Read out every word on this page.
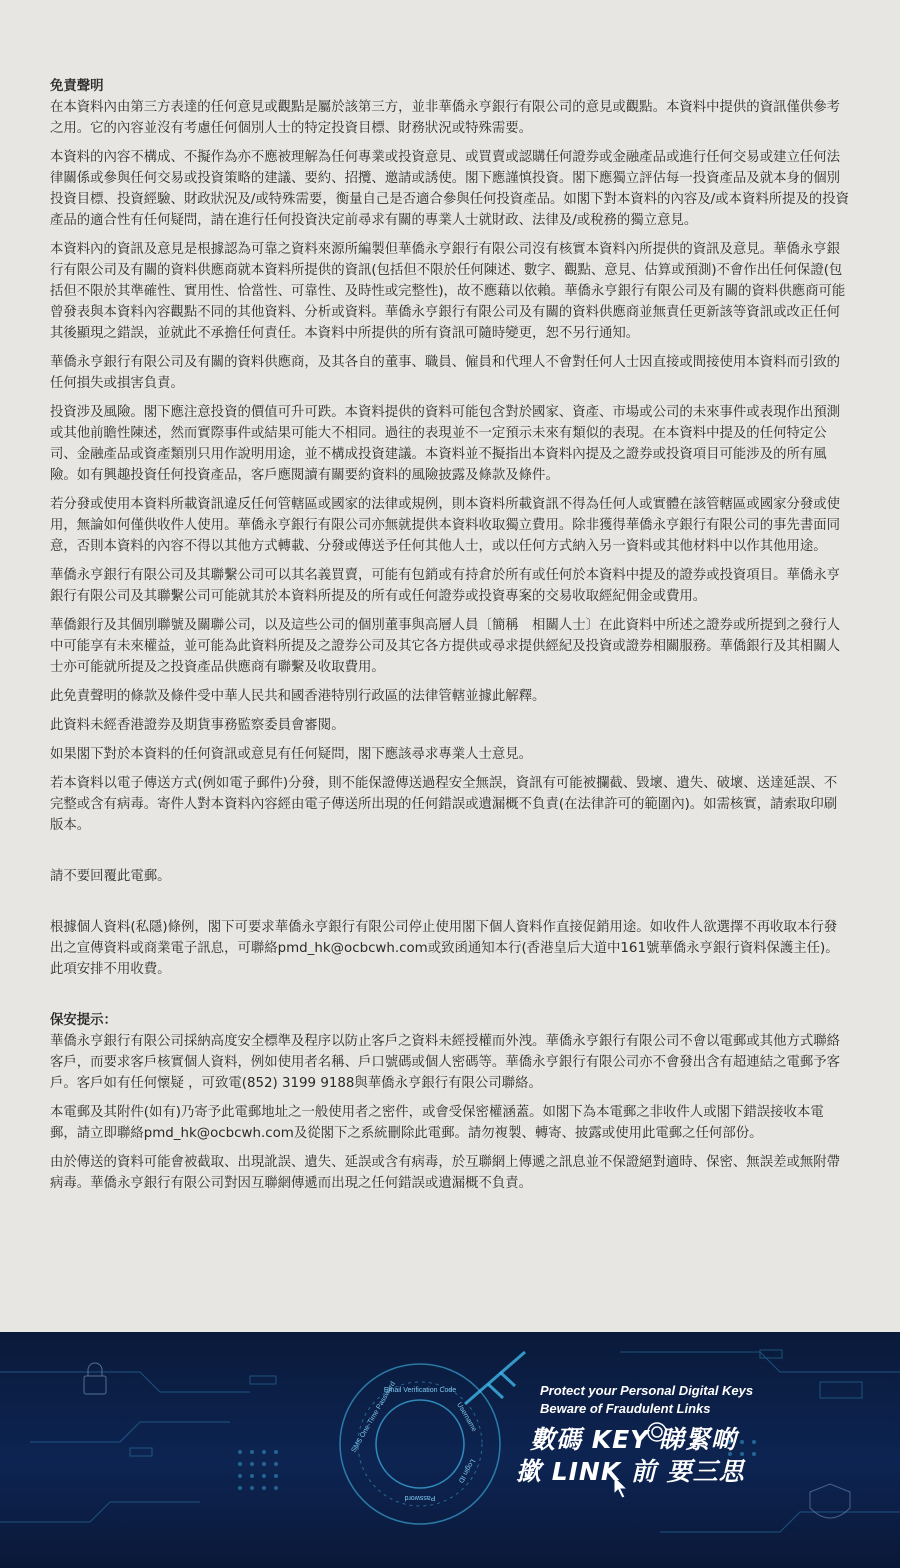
免責聲明

在本資料內由第三方表達的任何意見或觀點是屬於該第三方，並非華僑永亨銀行有限公司的意見或觀點。本資料中提供的資訊僅供參考之用。它的內容並沒有考慮任何個別人士的特定投資目標、財務狀況或特殊需要。

本資料的內容不構成、不擬作為亦不應被理解為任何專業或投資意見、或買賣或認購任何證券或金融產品或進行任何交易或建立任何法律關係或參與任何交易或投資策略的建議、要約、招攬、邀請或誘使。閣下應謹慎投資。閣下應獨立評估每一投資產品及就本身的個別投資目標、投資經驗、財政狀況及/或特殊需要，衡量自己是否適合參與任何投資產品。如閣下對本資料的內容及/或本資料所提及的投資產品的適合性有任何疑問，請在進行任何投資決定前尋求有關的專業人士就財政、法律及/或稅務的獨立意見。

本資料內的資訊及意見是根據認為可靠之資料來源所編製但華僑永亨銀行有限公司沒有核實本資料內所提供的資訊及意見。華僑永亨銀行有限公司及有關的資料供應商就本資料所提供的資訊(包括但不限於任何陳述、數字、觀點、意見、估算或預測)不會作出任何保證(包括但不限於其準確性、實用性、恰當性、可靠性、及時性或完整性)，故不應藉以依賴。華僑永亨銀行有限公司及有關的資料供應商可能曾發表與本資料內容觀點不同的其他資料、分析或資料。華僑永亨銀行有限公司及有關的資料供應商並無責任更新該等資訊或改正任何其後顯現之錯誤，並就此不承擔任何責任。本資料中所提供的所有資訊可隨時變更，恕不另行通知。

華僑永亨銀行有限公司及有關的資料供應商，及其各自的董事、職員、僱員和代理人不會對任何人士因直接或間接使用本資料而引致的任何損失或損害負責。

投資涉及風險。閣下應注意投資的價值可升可跌。本資料提供的資料可能包含對於國家、資產、市場或公司的未來事件或表現作出預測或其他前瞻性陳述，然而實際事件或結果可能大不相同。過往的表現並不一定預示未來有類似的表現。在本資料中提及的任何特定公司、金融產品或資產類別只用作說明用途，並不構成投資建議。本資料並不擬指出本資料內提及之證券或投資項目可能涉及的所有風險。如有興趣投資任何投資產品，客戶應閱讀有關要約資料的風險披露及條款及條件。

若分發或使用本資料所載資訊違反任何管轄區或國家的法律或規例，則本資料所載資訊不得為任何人或實體在該管轄區或國家分發或使用，無論如何僅供收件人使用。華僑永亨銀行有限公司亦無就提供本資料收取獨立費用。除非獲得華僑永亨銀行有限公司的事先書面同意，否則本資料的內容不得以其他方式轉載、分發或傳送予任何其他人士，或以任何方式納入另一資料或其他材料中以作其他用途。

華僑永亨銀行有限公司及其聯繫公司可以其名義買賣，可能有包銷或有持倉於所有或任何於本資料中提及的證券或投資項目。華僑永亨銀行有限公司及其聯繫公司可能就其於本資料所提及的所有或任何證券或投資專案的交易收取經紀佣金或費用。

華僑銀行及其個別聯號及關聯公司，以及這些公司的個別董事與高層人員〔簡稱　相關人士〕在此資料中所述之證券或所提到之發行人中可能享有未來權益，並可能為此資料所提及之證券公司及其它各方提供或尋求提供經紀及投資或證券相關服務。華僑銀行及其相關人士亦可能就所提及之投資產品供應商有聯繫及收取費用。

此免責聲明的條款及條件受中華人民共和國香港特別行政區的法律管轄並據此解釋。

此資料未經香港證券及期貨事務監察委員會審閱。

如果閣下對於本資料的任何資訊或意見有任何疑問，閣下應該尋求專業人士意見。

若本資料以電子傳送方式(例如電子郵件)分發，則不能保證傳送過程安全無誤，資訊有可能被攔截、毀壞、遺失、破壞、送達延誤、不完整或含有病毒。寄件人對本資料內容經由電子傳送所出現的任何錯誤或遺漏概不負責(在法律許可的範圍內)。如需核實，請索取印刷版本。

請不要回覆此電郵。

根據個人資料(私隱)條例，閣下可要求華僑永亨銀行有限公司停止使用閣下個人資料作直接促銷用途。如收件人欲選擇不再收取本行發出之宣傳資料或商業電子訊息，可聯絡pmd_hk@ocbcwh.com或致函通知本行(香港皇后大道中161號華僑永亨銀行資料保護主任)。此項安排不用收費。

保安提示：

華僑永亨銀行有限公司採納高度安全標準及程序以防止客戶之資料未經授權而外洩。華僑永亨銀行有限公司不會以電郵或其他方式聯絡客戶，而要求客戶核實個人資料，例如使用者名稱、戶口號碼或個人密碼等。華僑永亨銀行有限公司亦不會發出含有超連結之電郵予客戶。客戶如有任何懷疑 ，可致電(852) 3199 9188與華僑永亨銀行有限公司聯絡。

本電郵及其附件(如有)乃寄予此電郵地址之一般使用者之密件，或會受保密權涵蓋。如閣下為本電郵之非收件人或閣下錯誤接收本電郵，請立即聯絡pmd_hk@ocbcwh.com及從閣下之系統刪除此電郵。請勿複製、轉寄、披露或使用此電郵之任何部份。

由於傳送的資料可能會被截取、出現訛誤、遺失、延誤或含有病毒，於互聯網上傳遞之訊息並不保證絕對適時、保密、無誤差或無附帶病毒。華僑永亨銀行有限公司對因互聯網傳遞而出現之任何錯誤或遺漏概不負責。

SMS One-Time Password
Email Verification Code
Username
Login ID
Password
Protect your Personal Digital Keys
Beware of Fraudulent Links
數碼 KEY 睇緊啲
撳 LINK 前 要三思
